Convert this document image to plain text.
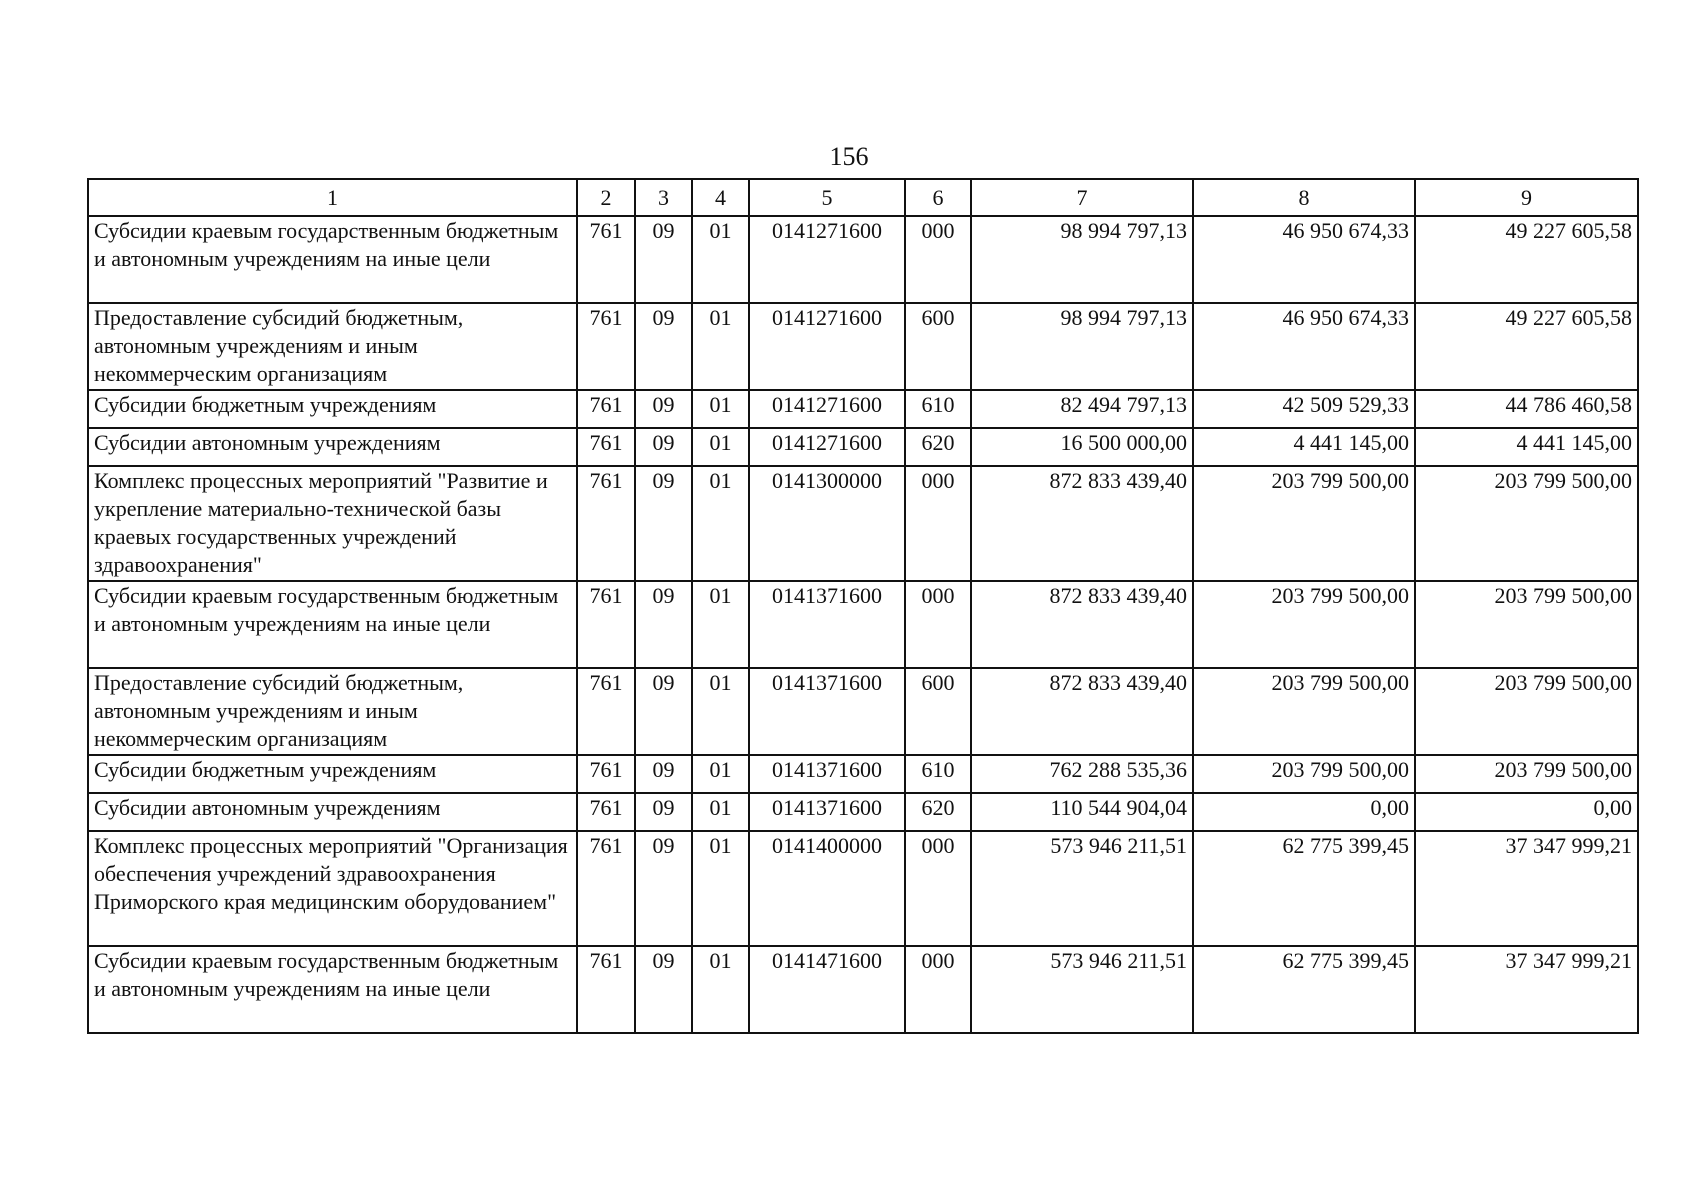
156
1	2	3	4	5	6	7	8	9
Субсидии краевым государственным бюджетным и автономным учреждениям на иные цели	761	09	01	0141271600	000	98 994 797,13	46 950 674,33	49 227 605,58
Предоставление субсидий бюджетным, автономным учреждениям и иным некоммерческим организациям	761	09	01	0141271600	600	98 994 797,13	46 950 674,33	49 227 605,58
Субсидии бюджетным учреждениям	761	09	01	0141271600	610	82 494 797,13	42 509 529,33	44 786 460,58
Субсидии автономным учреждениям	761	09	01	0141271600	620	16 500 000,00	4 441 145,00	4 441 145,00
Комплекс процессных мероприятий "Развитие и укрепление материально-технической базы краевых государственных учреждений здравоохранения"	761	09	01	0141300000	000	872 833 439,40	203 799 500,00	203 799 500,00
Субсидии краевым государственным бюджетным и автономным учреждениям на иные цели	761	09	01	0141371600	000	872 833 439,40	203 799 500,00	203 799 500,00
Предоставление субсидий бюджетным, автономным учреждениям и иным некоммерческим организациям	761	09	01	0141371600	600	872 833 439,40	203 799 500,00	203 799 500,00
Субсидии бюджетным учреждениям	761	09	01	0141371600	610	762 288 535,36	203 799 500,00	203 799 500,00
Субсидии автономным учреждениям	761	09	01	0141371600	620	110 544 904,04	0,00	0,00
Комплекс процессных мероприятий "Организация обеспечения учреждений здравоохранения Приморского края медицинским оборудованием"	761	09	01	0141400000	000	573 946 211,51	62 775 399,45	37 347 999,21
Субсидии краевым государственным бюджетным и автономным учреждениям на иные цели	761	09	01	0141471600	000	573 946 211,51	62 775 399,45	37 347 999,21
